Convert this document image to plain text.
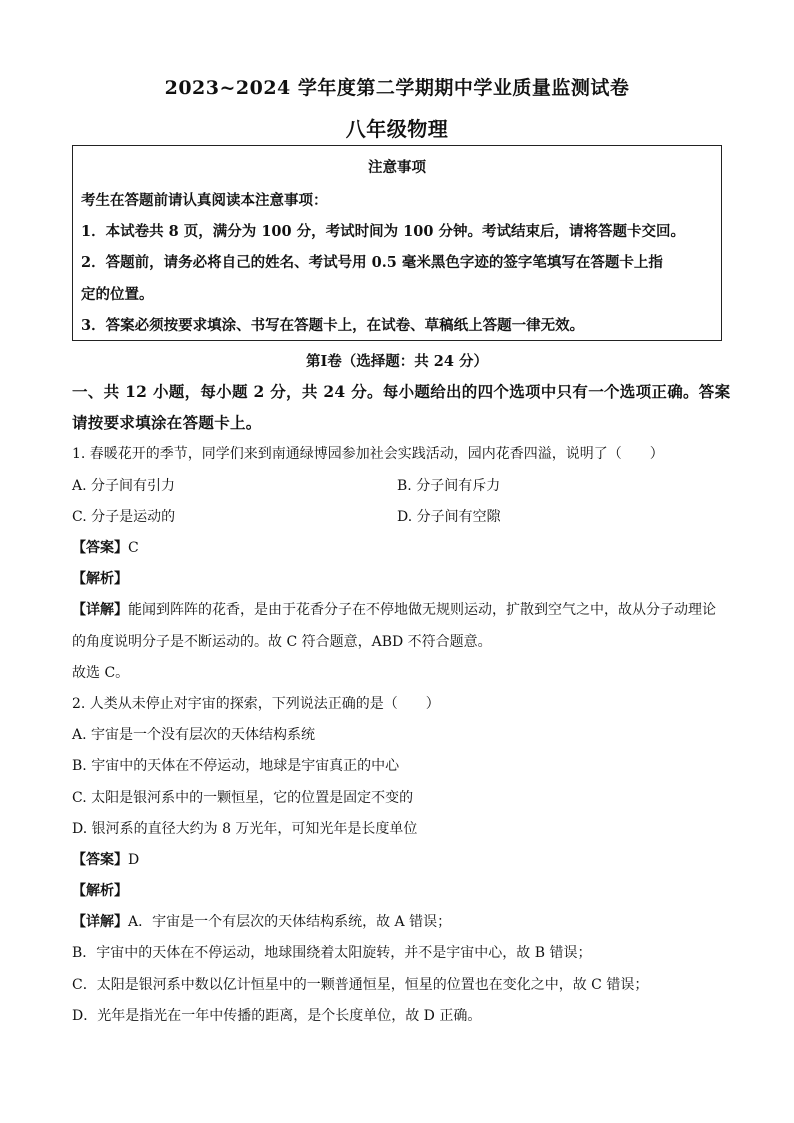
2023~2024 学年度第二学期期中学业质量监测试卷
八年级物理
注意事项
考生在答题前请认真阅读本注意事项：
1．本试卷共 8 页，满分为 100 分，考试时间为 100 分钟。考试结束后，请将答题卡交回。
2．答题前，请务必将自己的姓名、考试号用 0.5 毫米黑色字迹的签字笔填写在答题卡上指
定的位置。
3．答案必须按要求填涂、书写在答题卡上，在试卷、草稿纸上答题一律无效。
第Ⅰ卷（选择题：共 24 分）
一、共 12 小题，每小题 2 分，共 24 分。每小题给出的四个选项中只有一个选项正确。答案
请按要求填涂在答题卡上。
1. 春暖花开的季节，同学们来到南通绿博园参加社会实践活动，园内花香四溢，说明了（　　）
A. 分子间有引力	B. 分子间有斥力
C. 分子是运动的	D. 分子间有空隙
【 答案 】 C
【 解析 】
【 详解 】 能闻到阵阵的花香，是由于花香分子在不停地做无规则运动，扩散到空气之中，故从分子动理论
的角度说明分子是不断运动的。故 C 符合题意，ABD 不符合题意。
故选 C。
2. 人类从未停止对宇宙的探索，下列说法正确的是（　　）
A. 宇宙是一个没有层次的天体结构系统
B. 宇宙中的天体在不停运动，地球是宇宙真正的中心
C. 太阳是银河系中的一颗恒星，它的位置是固定不变的
D. 银河系的直径大约为 8 万光年，可知光年是长度单位
【 答案 】 D
【 解析 】
【 详解 】 A．宇宙是一个有层次的天体结构系统，故 A 错误；
B．宇宙中的天体在不停运动，地球围绕着太阳旋转，并不是宇宙中心，故 B 错误；
C．太阳是银河系中数以亿计恒星中的一颗普通恒星，恒星的位置也在变化之中，故 C 错误；
D．光年是指光在一年中传播的距离，是个长度单位，故 D 正确。
